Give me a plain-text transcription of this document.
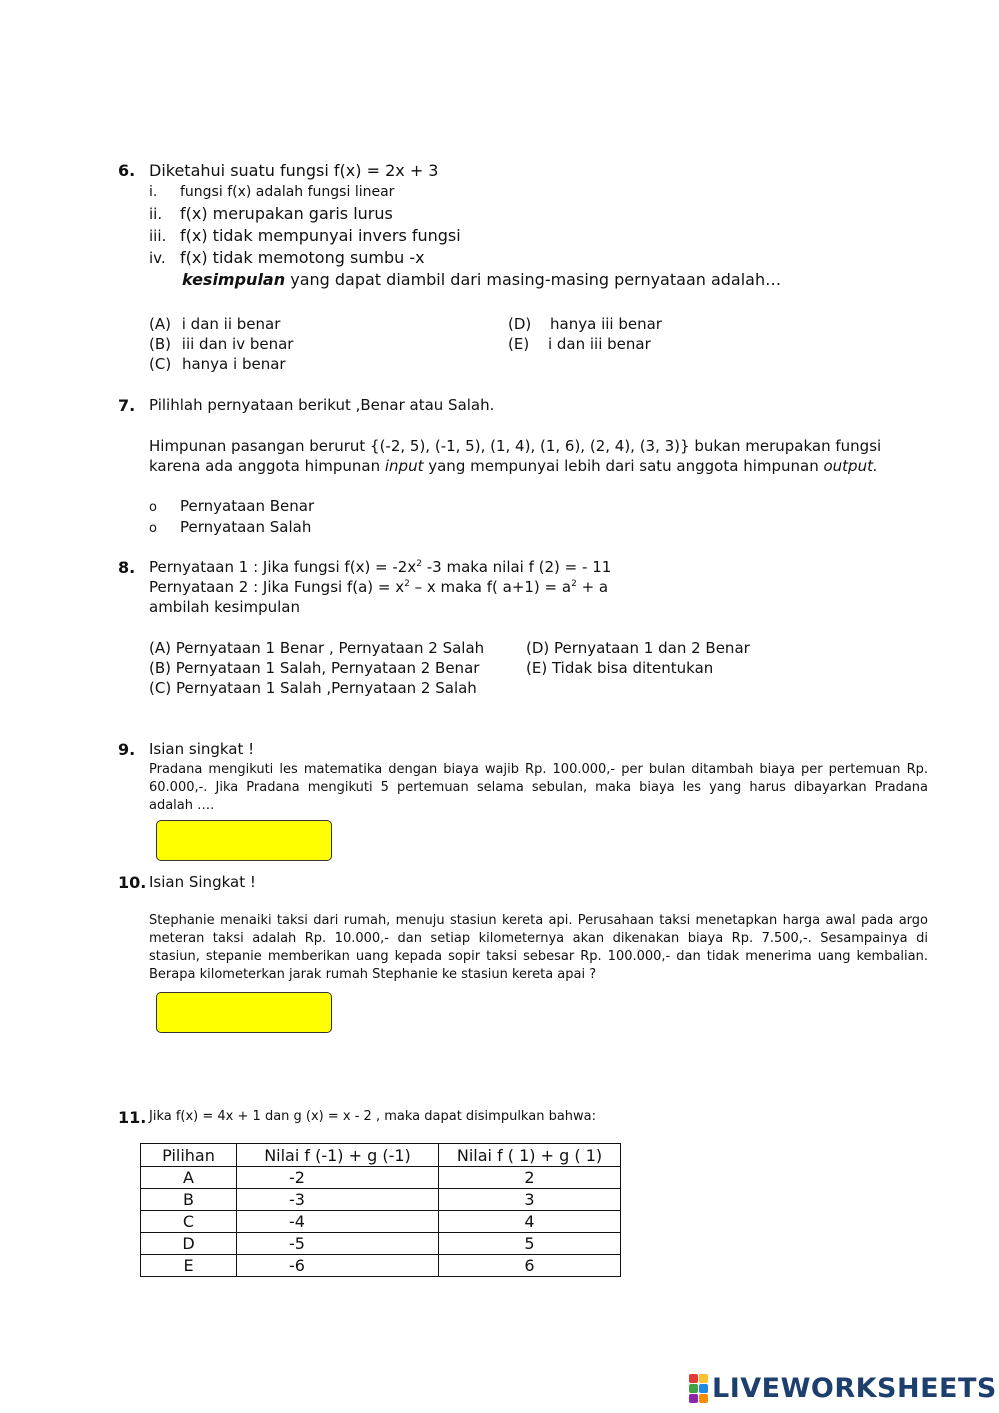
6. Diketahui suatu fungsi f(x) = 2x + 3
i. fungsi f(x) adalah fungsi linear
ii. f(x) merupakan garis lurus
iii. f(x) tidak mempunyai invers fungsi
iv. f(x) tidak memotong sumbu -x
kesimpulan yang dapat diambil dari masing-masing pernyataan adalah…
(A) i dan ii benar
(B) iii dan iv benar
(C) hanya i benar
(D) hanya iii benar
(E) i dan iii benar
7. Pilihlah pernyataan berikut ,Benar atau Salah.
Himpunan pasangan berurut {(-2, 5), (-1, 5), (1, 4), (1, 6), (2, 4), (3, 3)} bukan merupakan fungsi
karena ada anggota himpunan input yang mempunyai lebih dari satu anggota himpunan output.
o Pernyataan Benar
o Pernyataan Salah
8. Pernyataan 1 : Jika fungsi $f(x) = -2x^2$ -3 maka nilai f (2) = - 11
Pernyataan 2 : Jika Fungsi $f(a) = x^2 - x$ maka f( $a+1) = a^2 + a$
ambilah kesimpulan
(A) Pernyataan 1 Benar , Pernyataan 2 Salah
(B) Pernyataan 1 Salah, Pernyataan 2 Benar
(C) Pernyataan 1 Salah ,Pernyataan 2 Salah
(D) Pernyataan 1 dan 2 Benar
(E) Tidak bisa ditentukan
9. Isian singkat !
Pradana mengikuti les matematika dengan biaya wajib Rp. 100.000,- per bulan ditambah biaya per pertemuan Rp.
60.000,-. Jika Pradana mengikuti 5 pertemuan selama sebulan, maka biaya les yang harus dibayarkan Pradana
adalah ….
10. Isian Singkat !
Stephanie menaiki taksi dari rumah, menuju stasiun kereta api. Perusahaan taksi menetapkan harga awal pada argo
meteran taksi adalah Rp. 10.000,- dan setiap kilometernya akan dikenakan biaya Rp. 7.500,-. Sesampainya di
stasiun, stepanie memberikan uang kepada sopir taksi sebesar Rp. 100.000,- dan tidak menerima uang kembalian.
Berapa kilometerkan jarak rumah Stephanie ke stasiun kereta apai ?
11. Jika f(x) = 4x + 1 dan g (x) = x - 2 , maka dapat disimpulkan bahwa:
Pilihan	Nilai f (-1) + g (-1)	Nilai f ( 1) + g ( 1)
A	-2	2
B	-3	3
C	-4	4
D	-5	5
E	-6	6
LIVEWORKSHEETS
